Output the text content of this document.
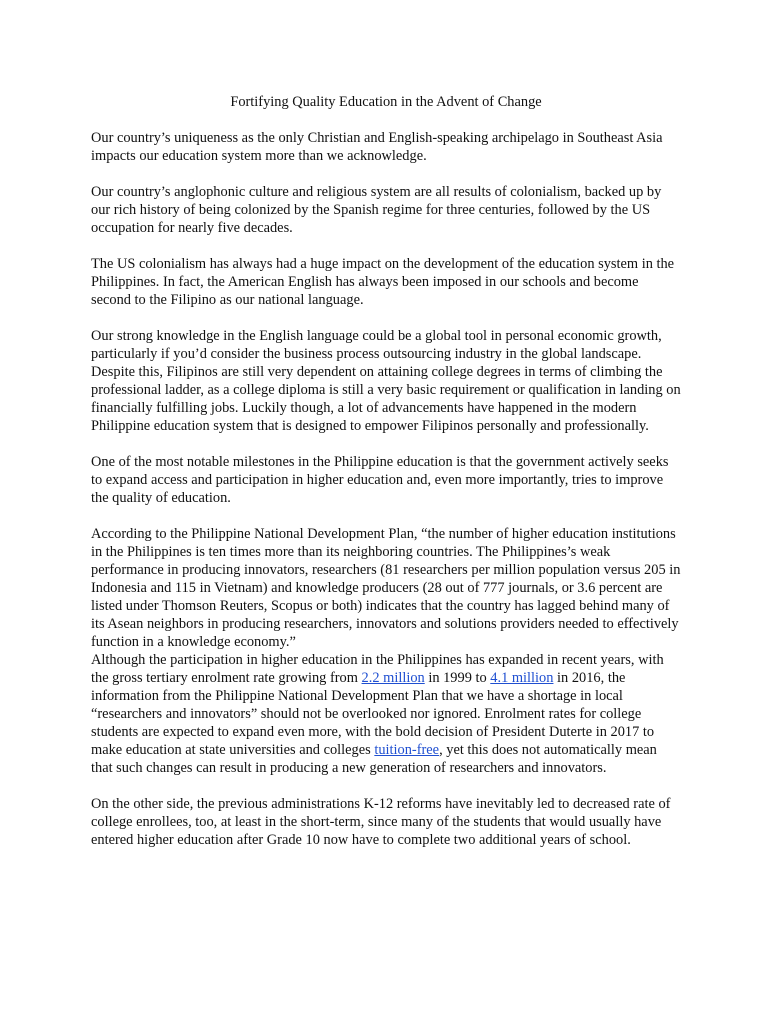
Fortifying Quality Education in the Advent of Change

Our country’s uniqueness as the only Christian and English-speaking archipelago in Southeast Asia impacts our education system more than we acknowledge.

Our country’s anglophonic culture and religious system are all results of colonialism, backed up by our rich history of being colonized by the Spanish regime for three centuries, followed by the US occupation for nearly five decades.

The US colonialism has always had a huge impact on the development of the education system in the Philippines. In fact, the American English has always been imposed in our schools and become second to the Filipino as our national language.

Our strong knowledge in the English language could be a global tool in personal economic growth, particularly if you’d consider the business process outsourcing industry in the global landscape. Despite this, Filipinos are still very dependent on attaining college degrees in terms of climbing the professional ladder, as a college diploma is still a very basic requirement or qualification in landing on financially fulfilling jobs. Luckily though, a lot of advancements have happened in the modern Philippine education system that is designed to empower Filipinos personally and professionally.

One of the most notable milestones in the Philippine education is that the government actively seeks to expand access and participation in higher education and, even more importantly, tries to improve the quality of education.

According to the Philippine National Development Plan, “the number of higher education institutions in the Philippines is ten times more than its neighboring countries. The Philippines’s weak performance in producing innovators, researchers (81 researchers per million population versus 205 in Indonesia and 115 in Vietnam) and knowledge producers (28 out of 777 journals, or 3.6 percent are listed under Thomson Reuters, Scopus or both) indicates that the country has lagged behind many of its Asean neighbors in producing researchers, innovators and solutions providers needed to effectively function in a knowledge economy.”

Although the participation in higher education in the Philippines has expanded in recent years, with the gross tertiary enrolment rate growing from 2.2 million in 1999 to 4.1 million in 2016, the information from the Philippine National Development Plan that we have a shortage in local “researchers and innovators” should not be overlooked nor ignored. Enrolment rates for college students are expected to expand even more, with the bold decision of President Duterte in 2017 to make education at state universities and colleges tuition-free, yet this does not automatically mean that such changes can result in producing a new generation of researchers and innovators.

On the other side, the previous administrations K-12 reforms have inevitably led to decreased rate of college enrollees, too, at least in the short-term, since many of the students that would usually have entered higher education after Grade 10 now have to complete two additional years of school.
